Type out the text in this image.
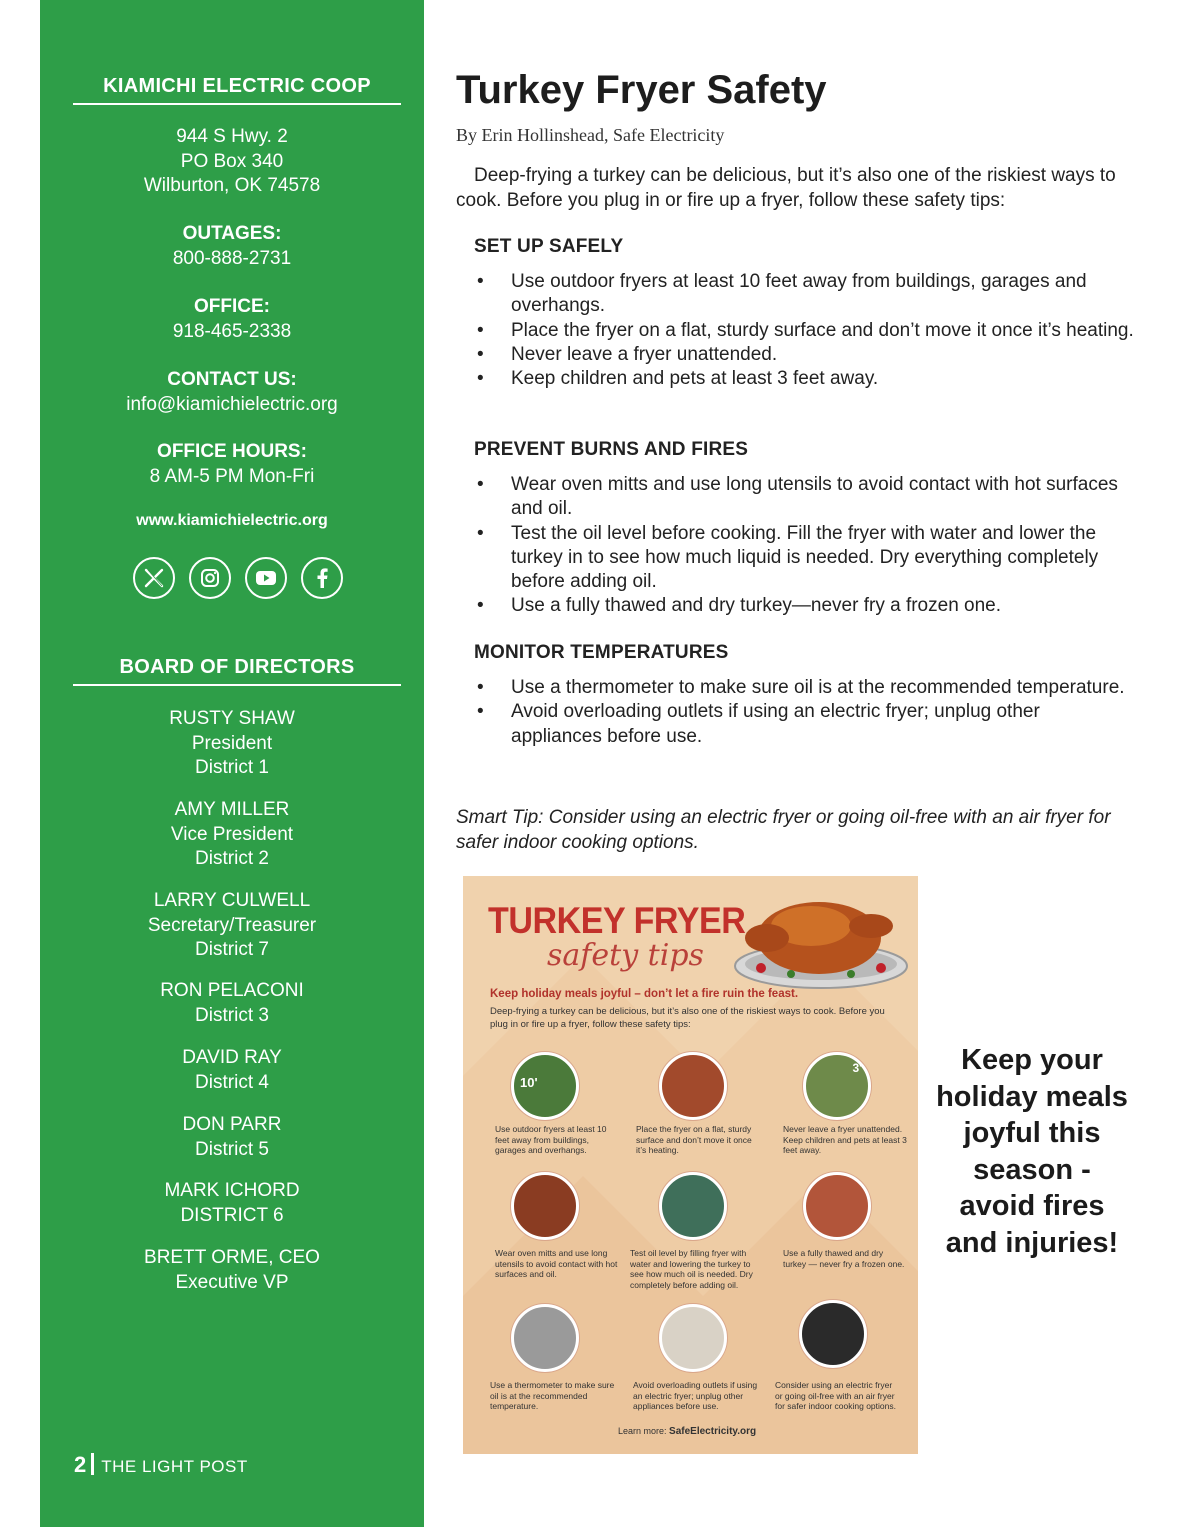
KIAMICHI ELECTRIC COOP
944 S Hwy. 2
PO Box 340
Wilburton, OK 74578
OUTAGES:
800-888-2731
OFFICE:
918-465-2338
CONTACT US:
info@kiamichielectric.org
OFFICE HOURS:
8 AM-5 PM Mon-Fri
www.kiamichielectric.org
BOARD OF DIRECTORS
RUSTY SHAW
President
District 1
AMY MILLER
Vice President
District 2
LARRY CULWELL
Secretary/Treasurer
District 7
RON PELACONI
District 3
DAVID RAY
District 4
DON PARR
District 5
MARK ICHORD
DISTRICT 6
BRETT ORME, CEO
Executive VP
2 THE LIGHT POST
Turkey Fryer Safety
By Erin Hollinshead, Safe Electricity
Deep-frying a turkey can be delicious, but it’s also one of the riskiest ways to cook. Before you plug in or fire up a fryer, follow these safety tips:
SET UP SAFELY
• Use outdoor fryers at least 10 feet away from buildings, garages and overhangs.
• Place the fryer on a flat, sturdy surface and don’t move it once it’s heating.
• Never leave a fryer unattended.
• Keep children and pets at least 3 feet away.
PREVENT BURNS AND FIRES
• Wear oven mitts and use long utensils to avoid contact with hot surfaces and oil.
• Test the oil level before cooking. Fill the fryer with water and lower the turkey in to see how much liquid is needed. Dry everything completely before adding oil.
• Use a fully thawed and dry turkey—never fry a frozen one.
MONITOR TEMPERATURES
• Use a thermometer to make sure oil is at the recommended temperature.
• Avoid overloading outlets if using an electric fryer; unplug other appliances before use.
Smart Tip: Consider using an electric fryer or going oil-free with an air fryer for safer indoor cooking options.
TURKEY FRYER
safety tips
Keep holiday meals joyful – don’t let a fire ruin the feast.
Deep-frying a turkey can be delicious, but it’s also one of the riskiest ways to cook. Before you plug in or fire up a fryer, follow these safety tips:
10'
Use outdoor fryers at least 10 feet away from buildings, garages and overhangs.
Place the fryer on a flat, sturdy surface and don’t move it once it’s heating.
3'
Never leave a fryer unattended. Keep children and pets at least 3 feet away.
Wear oven mitts and use long utensils to avoid contact with hot surfaces and oil.
Test oil level by filling fryer with water and lowering the turkey to see how much oil is needed. Dry completely before adding oil.
Use a fully thawed and dry turkey — never fry a frozen one.
Use a thermometer to make sure oil is at the recommended temperature.
Avoid overloading outlets if using an electric fryer; unplug other appliances before use.
Consider using an electric fryer or going oil-free with an air fryer for safer indoor cooking options.
Learn more: SafeElectricity.org
Keep your holiday meals joyful this season - avoid fires and injuries!
